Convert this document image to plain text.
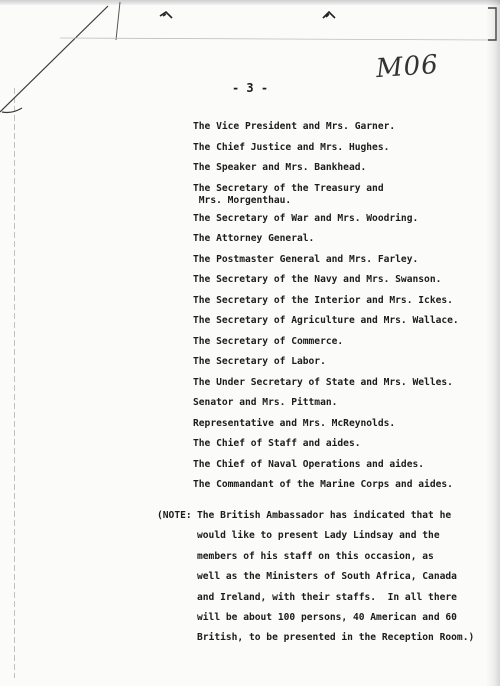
M06
- 3 -
The Vice President and Mrs. Garner.
The Chief Justice and Mrs. Hughes.
The Speaker and Mrs. Bankhead.
The Secretary of the Treasury and
Mrs. Morgenthau.
The Secretary of War and Mrs. Woodring.
The Attorney General.
The Postmaster General and Mrs. Farley.
The Secretary of the Navy and Mrs. Swanson.
The Secretary of the Interior and Mrs. Ickes.
The Secretary of Agriculture and Mrs. Wallace.
The Secretary of Commerce.
The Secretary of Labor.
The Under Secretary of State and Mrs. Welles.
Senator and Mrs. Pittman.
Representative and Mrs. McReynolds.
The Chief of Staff and aides.
The Chief of Naval Operations and aides.
The Commandant of the Marine Corps and aides.
(NOTE: The British Ambassador has indicated that he
would like to present Lady Lindsay and the
members of his staff on this occasion, as
well as the Ministers of South Africa, Canada
and Ireland, with their staffs.  In all there
will be about 100 persons, 40 American and 60
British, to be presented in the Reception Room.)
